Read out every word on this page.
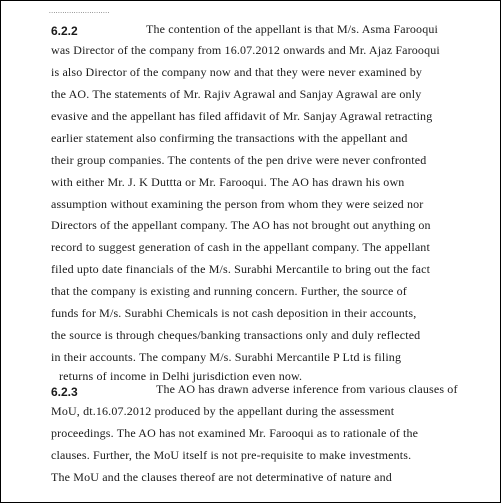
...........................
6.2.2	The contention of the appellant is that M/s. Asma Farooqui
was Director of the company from 16.07.2012 onwards and Mr. Ajaz Farooqui
is also Director of the company now and that they were never examined by
the AO. The statements of Mr. Rajiv Agrawal and Sanjay Agrawal are only
evasive and the appellant has filed affidavit of Mr. Sanjay Agrawal retracting
earlier statement also confirming the transactions with the appellant and
their group companies. The contents of the pen drive were never confronted
with either Mr. J. K Duttta or Mr. Farooqui. The AO has drawn his own
assumption without examining the person from whom they were seized nor
Directors of the appellant company. The AO has not brought out anything on
record to suggest generation of cash in the appellant company. The appellant
filed upto date financials of the M/s. Surabhi Mercantile to bring out the fact
that the company is existing and running concern. Further, the source of
funds for M/s. Surabhi Chemicals is not cash deposition in their accounts,
the source is through cheques/banking transactions only and duly reflected
in their accounts. The company M/s. Surabhi Mercantile P Ltd is filing
returns of income in Delhi jurisdiction even now.
6.2.3	The AO has drawn adverse inference from various clauses of
MoU, dt.16.07.2012 produced by the appellant during the assessment
proceedings. The AO has not examined Mr. Farooqui as to rationale of the
clauses. Further, the MoU itself is not pre-requisite to make investments.
The MoU and the clauses thereof are not determinative of nature and
